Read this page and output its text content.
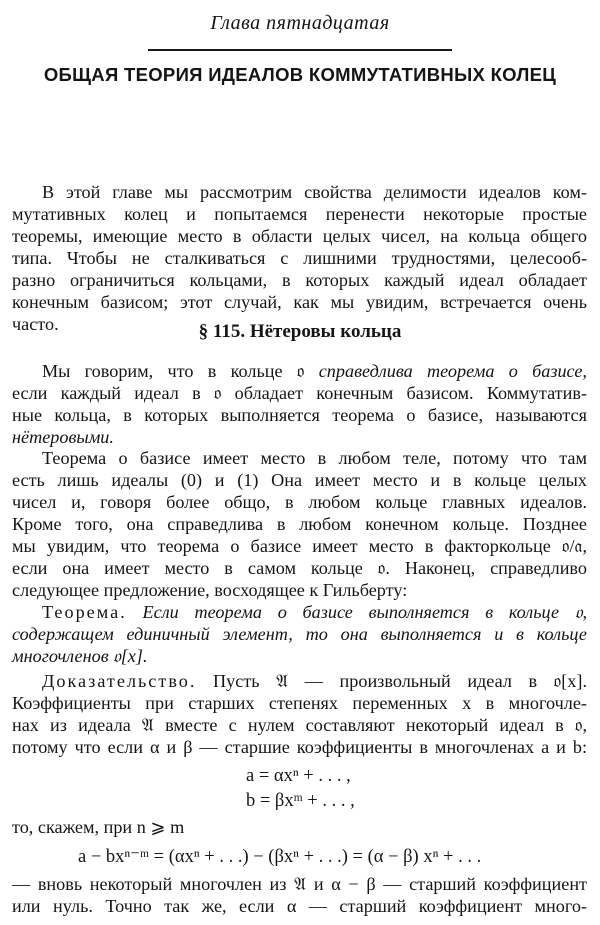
Глава пятнадцатая
ОБЩАЯ ТЕОРИЯ ИДЕАЛОВ КОММУТАТИВНЫХ КОЛЕЦ
В этой главе мы рассмотрим свойства делимости идеалов ком-
мутативных колец и попытаемся перенести некоторые простые
теоремы, имеющие место в области целых чисел, на кольца общего
типа. Чтобы не сталкиваться с лишними трудностями, целесооб-
разно ограничиться кольцами, в которых каждый идеал обладает
конечным базисом; этот случай, как мы увидим, встречается очень
часто.	§ 115. Нётеровы кольца
Мы говорим, что в кольце 𝔬 справедлива теорема о базисе,
если каждый идеал в 𝔬 обладает конечным базисом. Коммутатив-
ные кольца, в которых выполняется теорема о базисе, называются
нётеровыми.
Теорема о базисе имеет место в любом теле, потому что там
есть лишь идеалы (0) и (1) Она имеет место и в кольце целых
чисел и, говоря более общо, в любом кольце главных идеалов.
Кроме того, она справедлива в любом конечном кольце. Позднее
мы увидим, что теорема о базисе имеет место в факторкольце 𝔬/𝔞,
если она имеет место в самом кольце 𝔬. Наконец, справедливо
следующее предложение, восходящее к Гильберту:
Теорема. Если теорема о базисе выполняется в кольце 𝔬,
содержащем единичный элемент, то она выполняется и в кольце
многочленов 𝔬[x].
Доказательство. Пусть 𝔄 — произвольный идеал в 𝔬[x].
Коэффициенты при старших степенях переменных x в многочле-
нах из идеала 𝔄 вместе с нулем составляют некоторый идеал в 𝔬,
потому что если α и β — старшие коэффициенты в многочленах a и b:
a = αxⁿ + . . . ,
b = βxᵐ + . . . ,
то, скажем, при n ⩾ m
a − bxⁿ⁻ᵐ = (αxⁿ + . . .) − (βxⁿ + . . .) = (α − β) xⁿ + . . .
— вновь некоторый многочлен из 𝔄 и α − β — старший коэффициент
или нуль. Точно так же, если α — старший коэффициент много-
